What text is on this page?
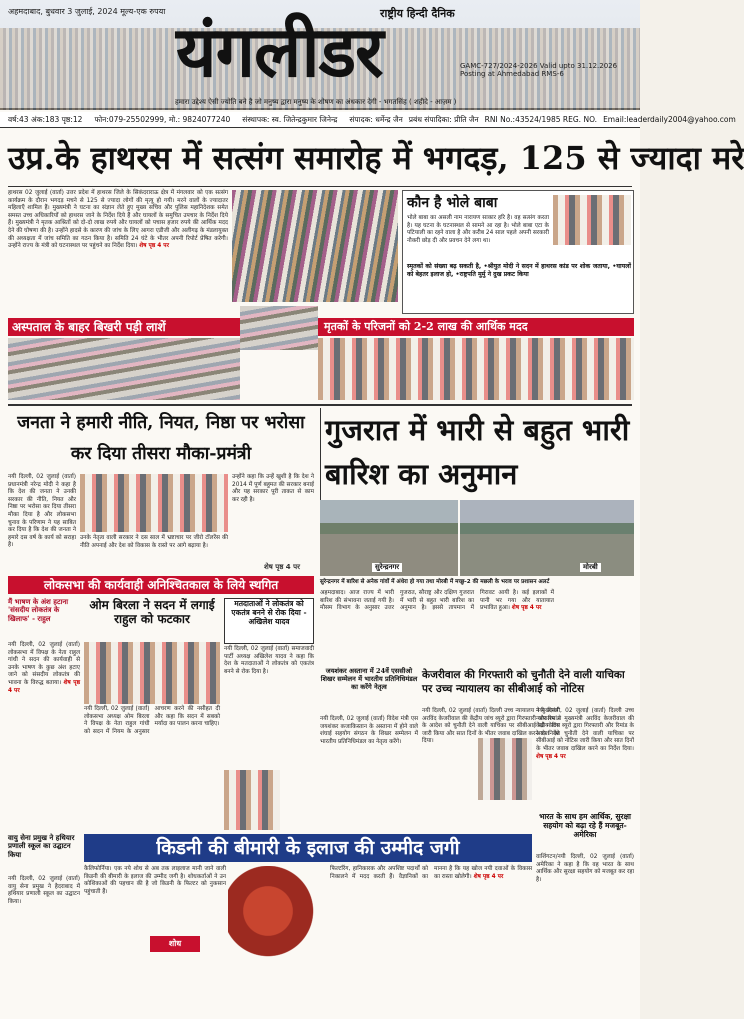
अहमदाबाद, बुधवार 3 जुलाई, 2024 मूल्य-एक रुपया	राष्ट्रीय हिन्दी दैनिक
यंगलीडर	GAMC-727/2024-2026 Valid upto 31.12.2026
Posting at Ahmedabad RMS-6
हमारा उद्देश्य ऐसी ज्योति बने है जो मनुष्य द्वारा मनुष्य के शोषण का अंधकार देगी - भगतसिंह ( शहीदे - आज़म )
वर्ष:43 अंक:183 पृष्ठ:12 फोन:079-25502999, मो.: 9824077240 संस्थापक: स्व. जितेन्द्रकुमार जिनेन्द्र संपादक: धर्मेन्द्र जैन प्रबंध संपादिका: प्रीति जैन RNI No.:43524/1985 REG. NO. Email:leaderdaily2004@yahoo.com
उप्र.के हाथरस में सत्संग समारोह में भगदड़, 125 से ज्यादा मरे
हाथरस 02 जुलाई (वार्ता) उत्तर प्रदेश में हाथरस जिले के सिकंदराराऊ क्षेत्र में मंगलवार को एक सत्संग कार्यक्रम के दौरान भगदड़ मचने से 125 से ज्यादा लोगों की मृत्यु हो गयी। मरने वालों के ज्यादातर महिलाएँ शामिल हैं। मुख्यमंत्री ने घटना का संज्ञान लेते हुए मुख्य सचिव और पुलिस महानिदेशक समेत समस्त उच्च अधिकारियों को हाथरस जाने के निर्देश दिये हैं और घायलों के समुचित उपचार के निर्देश दिये हैं। मुख्यमंत्री ने मृतक आश्रितों को दो-दो लाख रुपये और घायलों को पचास हजार रुपये की आर्थिक मदद देने की घोषणा की है। उन्होंने हादसे के कारण की जांच के लिए आगरा एडीजी और अलीगढ़ के मंडलायुक्त की अध्यक्षता में जांच समिति का गठन किया है। समिति 24 घंटे के भीतर अपनी रिपोर्ट प्रेषित करेगी। उन्होंने राज्य के मंत्री को घटनास्थल पर पहुंचने का निर्देश दिया। शेष पृष्ठ 4 पर
कौन है भोले बाबा
भोले बाबा का असली नाम नारायण साकार हरि है। वह सत्संग करता है। यह घटना के घटनास्थल से सामने आ रहा है। भोले बाबा एटा के पटियाली का रहने वाला है और करीब 24 साल पहले अपनी सरकारी नौकरी छोड़ दी और प्रवचन देने लगा था।
स्मृतकों को संख्या बढ़ सकती है, •श्रीयुत मोदी ने सदन में हाथरस कांड पर शोक जताया, •घायलों को बेहतर इलाज हो, •राष्ट्रपति मुर्मु ने दुख प्रकट किया
अस्पताल के बाहर बिखरी पड़ी लाशें	मृतकों के परिजनों को 2-2 लाख की आर्थिक मदद
जनता ने हमारी नीति, नियत, निष्ठा पर भरोसा कर दिया तीसरा मौका-प्रमंत्री
नयी दिल्ली, 02 जुलाई (वार्ता) प्रधानमंत्री नरेन्द्र मोदी ने कहा है कि देश की जनता ने उनकी सरकार की नीति, नियत और निष्ठा पर भरोसा कर दिया तीसरा मौका दिया है और लोकसभा चुनाव के परिणाम ने यह साबित कर दिया है कि देश की जनता ने हमारे दस वर्ष के कार्य को सराहा है।
उनके नेतृत्व वाली सरकार ने दस साल में भ्रष्टाचार पर जीरो टॉलरेंस की नीति अपनाई और देश को विकास के रास्ते पर आगे बढ़ाया है।
उन्होंने कहा कि उन्हें खुशी है कि देश ने 2014 में पूर्ण बहुमत की सरकार बनाई और यह सरकार पूरी ताकत से काम कर रही है।
शेष पृष्ठ 4 पर
लोकसभा की कार्यवाही अनिश्चितकाल के लिये स्थगित
गुजरात में भारी से बहुत भारी बारिश का अनुमान
सुरेन्द्रनगर	मोरबी
सुरेन्द्रनगर में बारिश से अनेक गांवों में अंधेरा हो गया तथा मोरबी में मच्छु-2 की मछली के भराव पर प्रशासन अलर्ट
अहमदाबाद। आज राज्य में भारी बारिश की संभावना जताई गयी है। मौसम विभाग के अनुसार उत्तर गुजरात, सौराष्ट्र और दक्षिण गुजरात में भारी से बहुत भारी बारिश का अनुमान है। इससे तापमान में गिरावट आयी है। कई इलाकों में पानी भर गया और यातायात प्रभावित हुआ। शेष पृष्ठ 4 पर
मैं भाषण के अंश हटाना 'संसदीय लोकतंत्र के खिलाफ' - राहुल
नयी दिल्ली, 02 जुलाई (वार्ता) लोकसभा में विपक्ष के नेता राहुल गांधी ने सदन की कार्यवाही से उनके भाषण के कुछ अंश हटाए जाने को संसदीय लोकतंत्र की भावना के विरुद्ध बताया। शेष पृष्ठ 4 पर
ओम बिरला ने सदन में लगाई राहुल को फटकार
नयी दिल्ली, 02 जुलाई (वार्ता) लोकसभा अध्यक्ष ओम बिरला ने विपक्ष के नेता राहुल गांधी को सदन में नियम के अनुसार आचरण करने की नसीहत दी और कहा कि सदन में सबको मर्यादा का पालन करना चाहिए।
मतदाताओं ने लोकतंत्र को एकतंत्र बनने से रोक दिया - अखिलेश यादव
नयी दिल्ली, 02 जुलाई (वार्ता) समाजवादी पार्टी अध्यक्ष अखिलेश यादव ने कहा कि देश के मतदाताओं ने लोकतंत्र को एकतंत्र बनने से रोक दिया है।	जयशंकर अस्ताना में 24वें एससीओ शिखर सम्मेलन में भारतीय प्रतिनिधिमंडल का करेंगे नेतृत्व
नयी दिल्ली, 02 जुलाई (वार्ता) विदेश मंत्री एस जयशंकर कजाकिस्तान के अस्ताना में होने वाले शंघाई सहयोग संगठन के शिखर सम्मेलन में भारतीय प्रतिनिधिमंडल का नेतृत्व करेंगे।
केजरीवाल की गिरफ्तारी को चुनौती देने वाली याचिका पर उच्च न्यायालय का सीबीआई को नोटिस
नयी दिल्ली, 02 जुलाई (वार्ता) दिल्ली उच्च न्यायालय ने मुख्यमंत्री अरविंद केजरीवाल की केंद्रीय जांच ब्यूरो द्वारा गिरफ्तारी और रिमांड के आदेश को चुनौती देने वाली याचिका पर सीबीआई को नोटिस जारी किया और सात दिनों के भीतर जवाब दाखिल करने का निर्देश दिया।
नयी दिल्ली, 02 जुलाई (वार्ता) दिल्ली उच्च न्यायालय ने मुख्यमंत्री अरविंद केजरीवाल की केंद्रीय जांच ब्यूरो द्वारा गिरफ्तारी और रिमांड के आदेश को चुनौती देने वाली याचिका पर सीबीआई को नोटिस जारी किया और सात दिनों के भीतर जवाब दाखिल करने का निर्देश दिया। शेष पृष्ठ 4 पर
भारत के साथ हम आर्थिक, सुरक्षा सहयोग को बढ़ा रहे हैं मजबूत-अमेरिका
वाशिंगटन/नयी दिल्ली, 02 जुलाई (वार्ता) अमेरिका ने कहा है कि वह भारत के साथ आर्थिक और सुरक्षा सहयोग को मजबूत कर रहा है।
वायु सेना प्रमुख ने हथियार प्रणाली स्कूल का उद्घाटन किया
नयी दिल्ली, 02 जुलाई (वार्ता) वायु सेना प्रमुख ने हैदराबाद में हथियार प्रणाली स्कूल का उद्घाटन किया।
किडनी की बीमारी के इलाज की उम्मीद जगी
कैलिफोर्निया। एक नये शोध से अब तक लाइलाज मानी जाने वाली किडनी की बीमारी के इलाज की उम्मीद जगी है। शोधकर्ताओं ने उन कोशिकाओं की पहचान की है जो किडनी के फिल्टर को नुकसान पहुंचाती हैं।
शोध
फिल्टरिंग, हानिकारक और अपशिष्ट पदार्थों को निकालने में मदद करती हैं। वैज्ञानिकों का मानना है कि यह खोज नयी दवाओं के विकास का रास्ता खोलेगी। शेष पृष्ठ 4 पर
